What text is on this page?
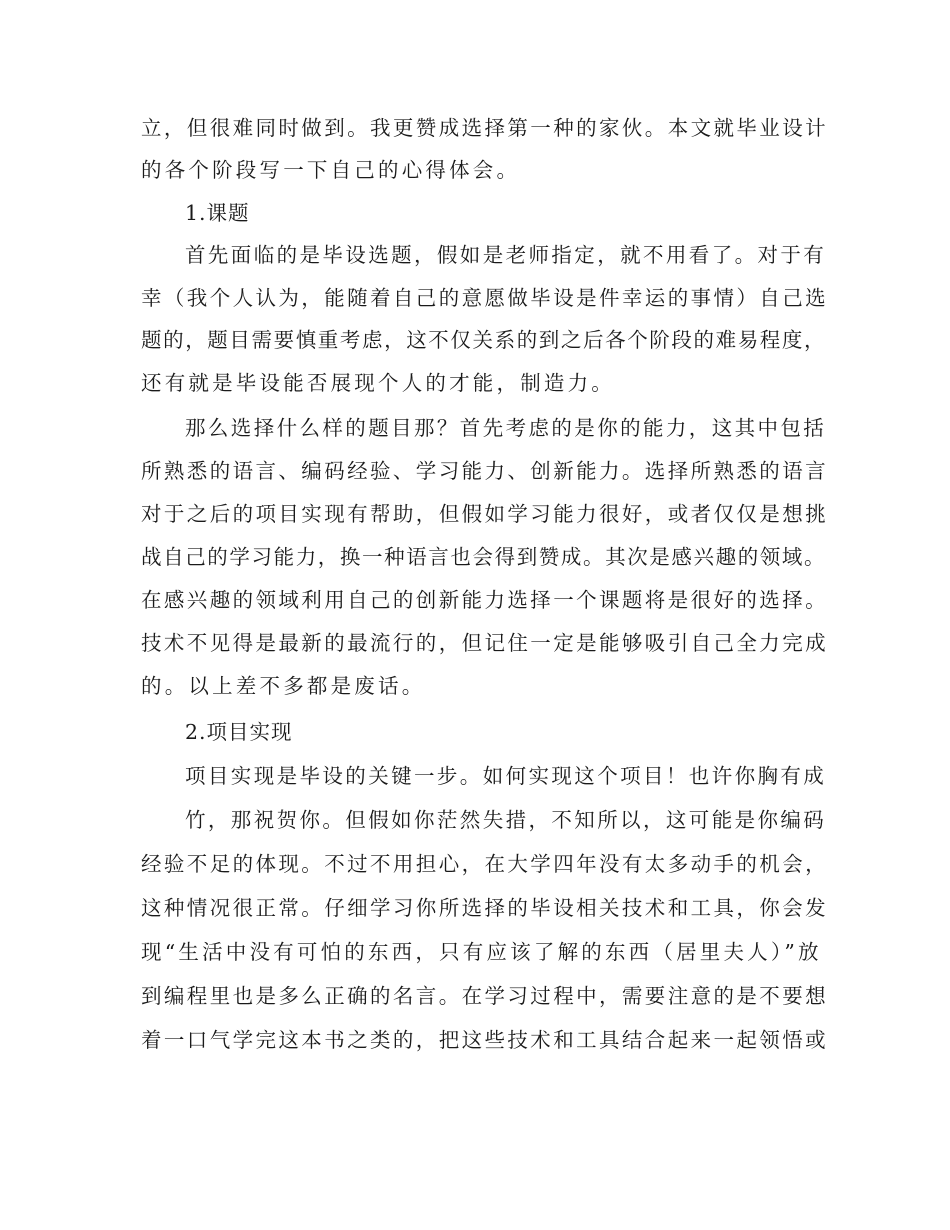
立，但很难同时做到。我更赞成选择第一种的家伙。本文就毕业设计
的各个阶段写一下自己的心得体会。
1.课题
首先面临的是毕设选题，假如是老师指定，就不用看了。对于有
幸（我个人认为，能随着自己的意愿做毕设是件幸运的事情）自己选
题的，题目需要慎重考虑，这不仅关系的到之后各个阶段的难易程度，
还有就是毕设能否展现个人的才能，制造力。
那么选择什么样的题目那？首先考虑的是你的能力，这其中包括
所熟悉的语言、编码经验、学习能力、创新能力。选择所熟悉的语言
对于之后的项目实现有帮助，但假如学习能力很好，或者仅仅是想挑
战自己的学习能力，换一种语言也会得到赞成。其次是感兴趣的领域。
在感兴趣的领域利用自己的创新能力选择一个课题将是很好的选择。
技术不见得是最新的最流行的，但记住一定是能够吸引自己全力完成
的。以上差不多都是废话。
2.项目实现
项目实现是毕设的关键一步。如何实现这个项目！也许你胸有成
竹，那祝贺你。但假如你茫然失措，不知所以，这可能是你编码
经验不足的体现。不过不用担心，在大学四年没有太多动手的机会，
这种情况很正常。仔细学习你所选择的毕设相关技术和工具，你会发
现“生活中没有可怕的东西，只有应该了解的东西（居里夫人）”放
到编程里也是多么正确的名言。在学习过程中，需要注意的是不要想
着一口气学完这本书之类的，把这些技术和工具结合起来一起领悟或
